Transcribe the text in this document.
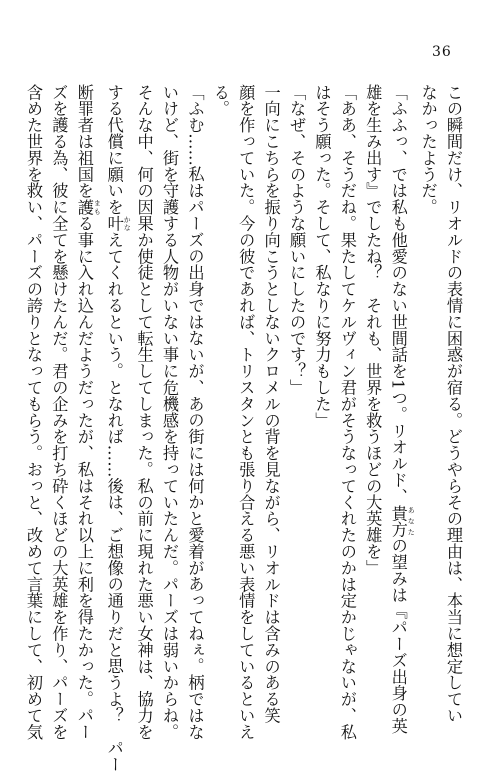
36
この瞬間だけ、リオルドの表情に困惑が宿る。どうやらその理由は、本当に想定してい
なかったようだ。
「ふふっ、では私も他愛のない世間話を1つ。リオルド、貴方 あなたの望みは『パーズ出身の英
雄を生み出す』でしたね？　それも、世界を救うほどの大英雄を」
「ああ、そうだね。果たしてケルヴィン君がそうなってくれたのかは定かじゃないが、私
はそう願った。そして、私なりに努力もした」
「なぜ、そのような願いにしたのです？」
一向にこちらを振り向こうとしないクロメルの背を見ながら、リオルドは含みのある笑
顔を作っていた。今の彼であれば、トリスタンとも張り合える悪い表情をしているといえ
る。
「ふむ……私はパーズの出身ではないが、あの街には何かと愛着があってねぇ。柄ではな
いけど、街を守護する人物がいない事に危機感を持っていたんだ。パーズは弱いからね。
そんな中、何の因果か使徒として転生してしまった。私の前に現れた悪い女神は、協力を
する代償に願いを叶 かなえてくれるという。となれば……後は、ご想像の通りだと思うよ？　パー
断罪者は祖国を護 まもる事に入れ込んだようだったが、私はそれ以上に利を得たかった。パー
ズを護る為、彼に全てを懸けたんだ。君の企みを打ち砕くほどの大英雄を作り、パーズを
含めた世界を救い、パーズの誇りとなってもらう。おっと、改めて言葉にして、初めて気
